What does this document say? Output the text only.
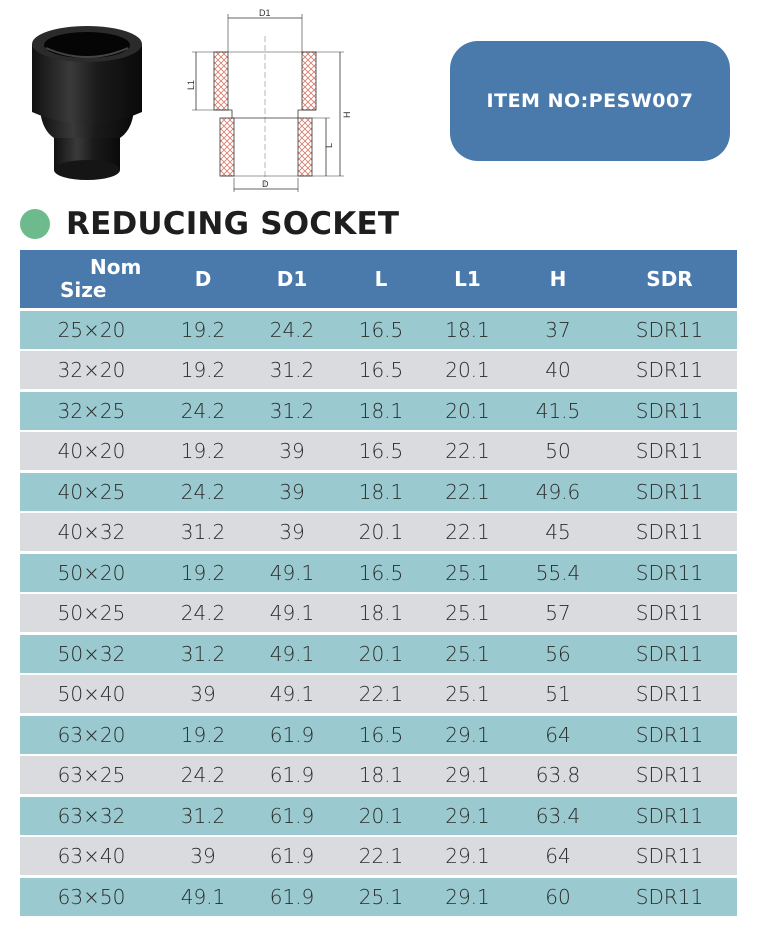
D1
D
L1
H
L
ITEM NO:PESW007
REDUCING SOCKET
Nom
Size	D	D1	L	L1	H	SDR
25×20	19.2	24.2	16.5	18.1	37	SDR11
32×20	19.2	31.2	16.5	20.1	40	SDR11
32×25	24.2	31.2	18.1	20.1	41.5	SDR11
40×20	19.2	39	16.5	22.1	50	SDR11
40×25	24.2	39	18.1	22.1	49.6	SDR11
40×32	31.2	39	20.1	22.1	45	SDR11
50×20	19.2	49.1	16.5	25.1	55.4	SDR11
50×25	24.2	49.1	18.1	25.1	57	SDR11
50×32	31.2	49.1	20.1	25.1	56	SDR11
50×40	39	49.1	22.1	25.1	51	SDR11
63×20	19.2	61.9	16.5	29.1	64	SDR11
63×25	24.2	61.9	18.1	29.1	63.8	SDR11
63×32	31.2	61.9	20.1	29.1	63.4	SDR11
63×40	39	61.9	22.1	29.1	64	SDR11
63×50	49.1	61.9	25.1	29.1	60	SDR11
